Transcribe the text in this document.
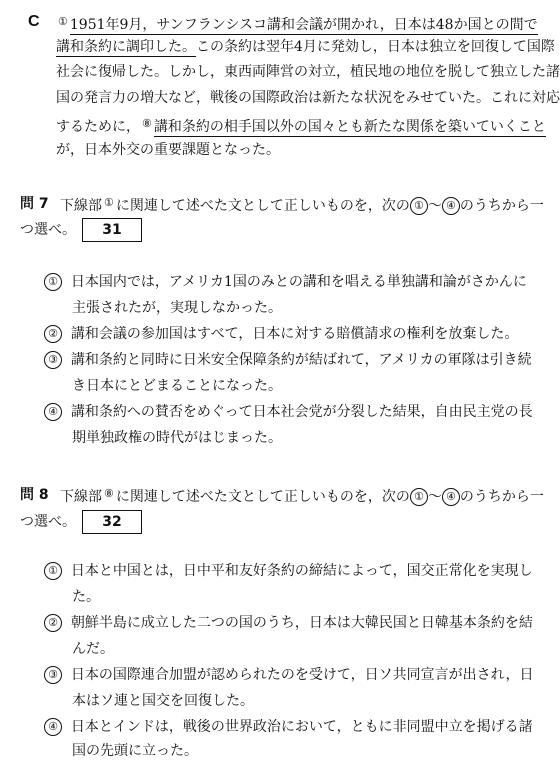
C ① 1951年9月，サンフランシスコ講和会議が開かれ，日本は48か国との間で
講和条約に調印した。この条約は翌年4月に発効し，日本は独立を回復して国際
社会に復帰した。しかし，東西両陣営の対立，植民地の地位を脱して独立した諸
国の発言力の増大など，戦後の国際政治は新たな状況をみせていた。これに対応
するために， ⑧ 講和条約の相手国以外の国々とも新たな関係を築いていくこと
が，日本外交の重要課題となった。
問 7 下線部 ① に関連して述べた文として正しいものを，次の ① 〜 ④ のうちから一
つ選べ。 31
① 日本国内では，アメリカ1国のみとの講和を唱える単独講和論がさかんに
主張されたが，実現しなかった。
② 講和会議の参加国はすべて，日本に対する賠償請求の権利を放棄した。
③ 講和条約と同時に日米安全保障条約が結ばれて，アメリカの軍隊は引き続
き日本にとどまることになった。
④ 講和条約への賛否をめぐって日本社会党が分裂した結果，自由民主党の長
期単独政権の時代がはじまった。
問 8 下線部 ⑧ に関連して述べた文として正しいものを，次の ① 〜 ④ のうちから一
つ選べ。 32
① 日本と中国とは，日中平和友好条約の締結によって，国交正常化を実現し
た。
② 朝鮮半島に成立した二つの国のうち，日本は大韓民国と日韓基本条約を結
んだ。
③ 日本の国際連合加盟が認められたのを受けて，日ソ共同宣言が出され，日
本はソ連と国交を回復した。
④ 日本とインドは，戦後の世界政治において，ともに非同盟中立を掲げる諸
国の先頭に立った。
